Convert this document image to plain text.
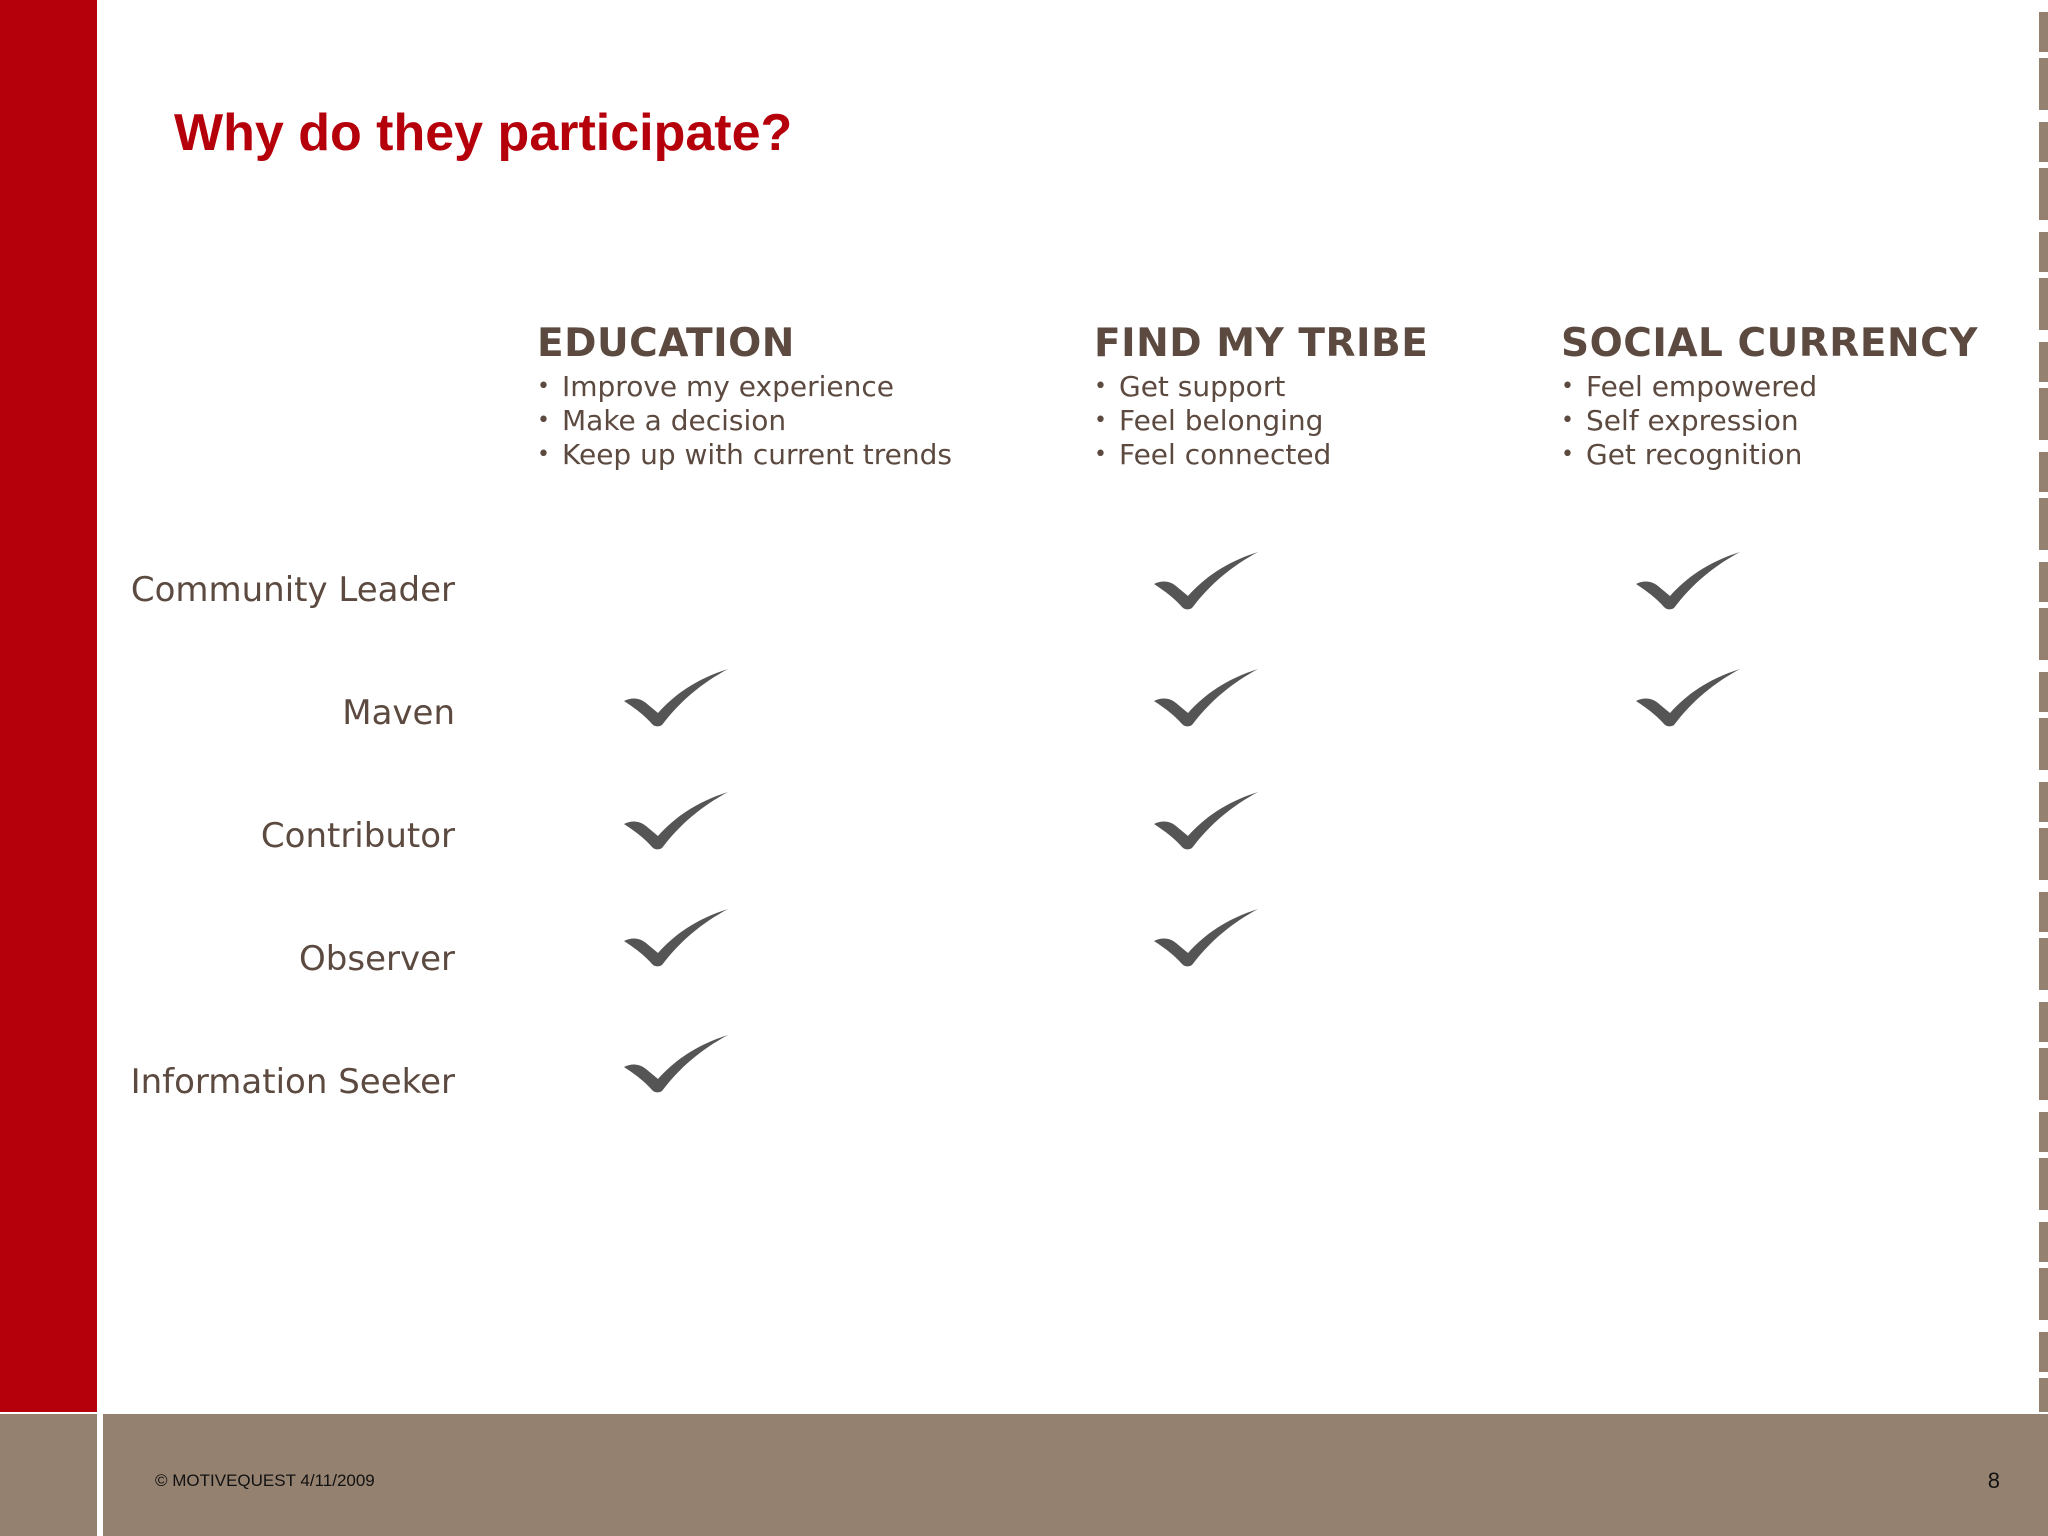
© MOTIVEQUEST 4/11/2009	8
Why do they participate?
EDUCATION
• Improve my experience
• Make a decision
• Keep up with current trends
FIND MY TRIBE
• Get support
• Feel belonging
• Feel connected
SOCIAL CURRENCY
• Feel empowered
• Self expression
• Get recognition
Community Leader
Maven
Contributor
Observer
Information Seeker
